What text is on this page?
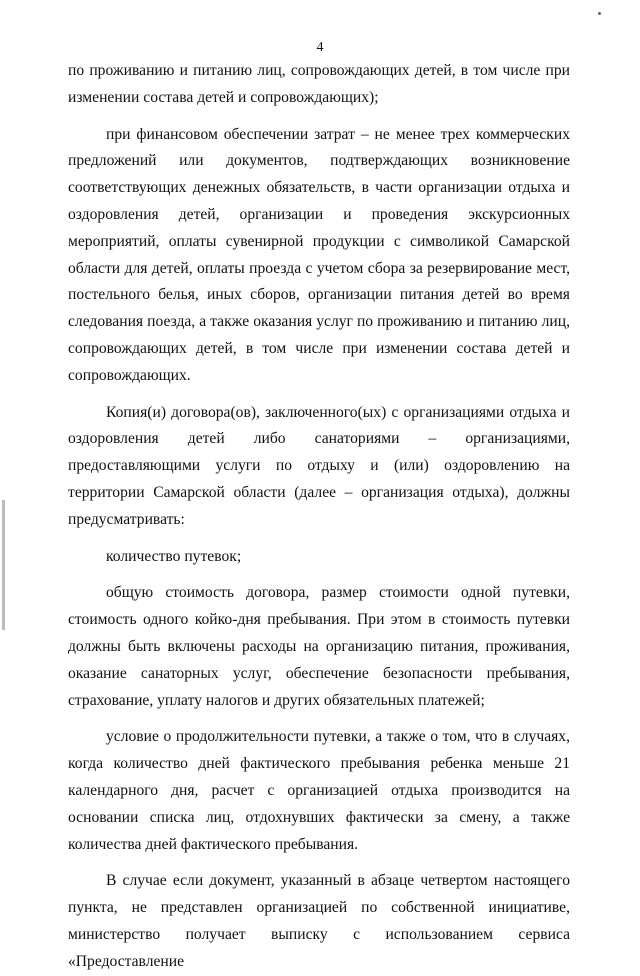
4

по проживанию и питанию лиц, сопровождающих детей, в том числе при изменении состава детей и сопровождающих);

при финансовом обеспечении затрат – не менее трех коммерческих предложений или документов, подтверждающих возникновение соответствующих денежных обязательств, в части организации отдыха и оздоровления детей, организации и проведения экскурсионных мероприятий, оплаты сувенирной продукции с символикой Самарской области для детей, оплаты проезда с учетом сбора за резервирование мест, постельного белья, иных сборов, организации питания детей во время следования поезда, а также оказания услуг по проживанию и питанию лиц, сопровождающих детей, в том числе при изменении состава детей и сопровождающих.

Копия(и) договора(ов), заключенного(ых) с организациями отдыха и оздоровления детей либо санаториями – организациями, предоставляющими услуги по отдыху и (или) оздоровлению на территории Самарской области (далее – организация отдыха), должны предусматривать:

количество путевок;

общую стоимость договора, размер стоимости одной путевки, стоимость одного койко-дня пребывания. При этом в стоимость путевки должны быть включены расходы на организацию питания, проживания, оказание санаторных услуг, обеспечение безопасности пребывания, страхование, уплату налогов и других обязательных платежей;

условие о продолжительности путевки, а также о том, что в случаях, когда количество дней фактического пребывания ребенка меньше 21 календарного дня, расчет с организацией отдыха производится на основании списка лиц, отдохнувших фактически за смену, а также количества дней фактического пребывания.

В случае если документ, указанный в абзаце четвертом настоящего пункта, не представлен организацией по собственной инициативе, министерство получает выписку с использованием сервиса «Предоставление
